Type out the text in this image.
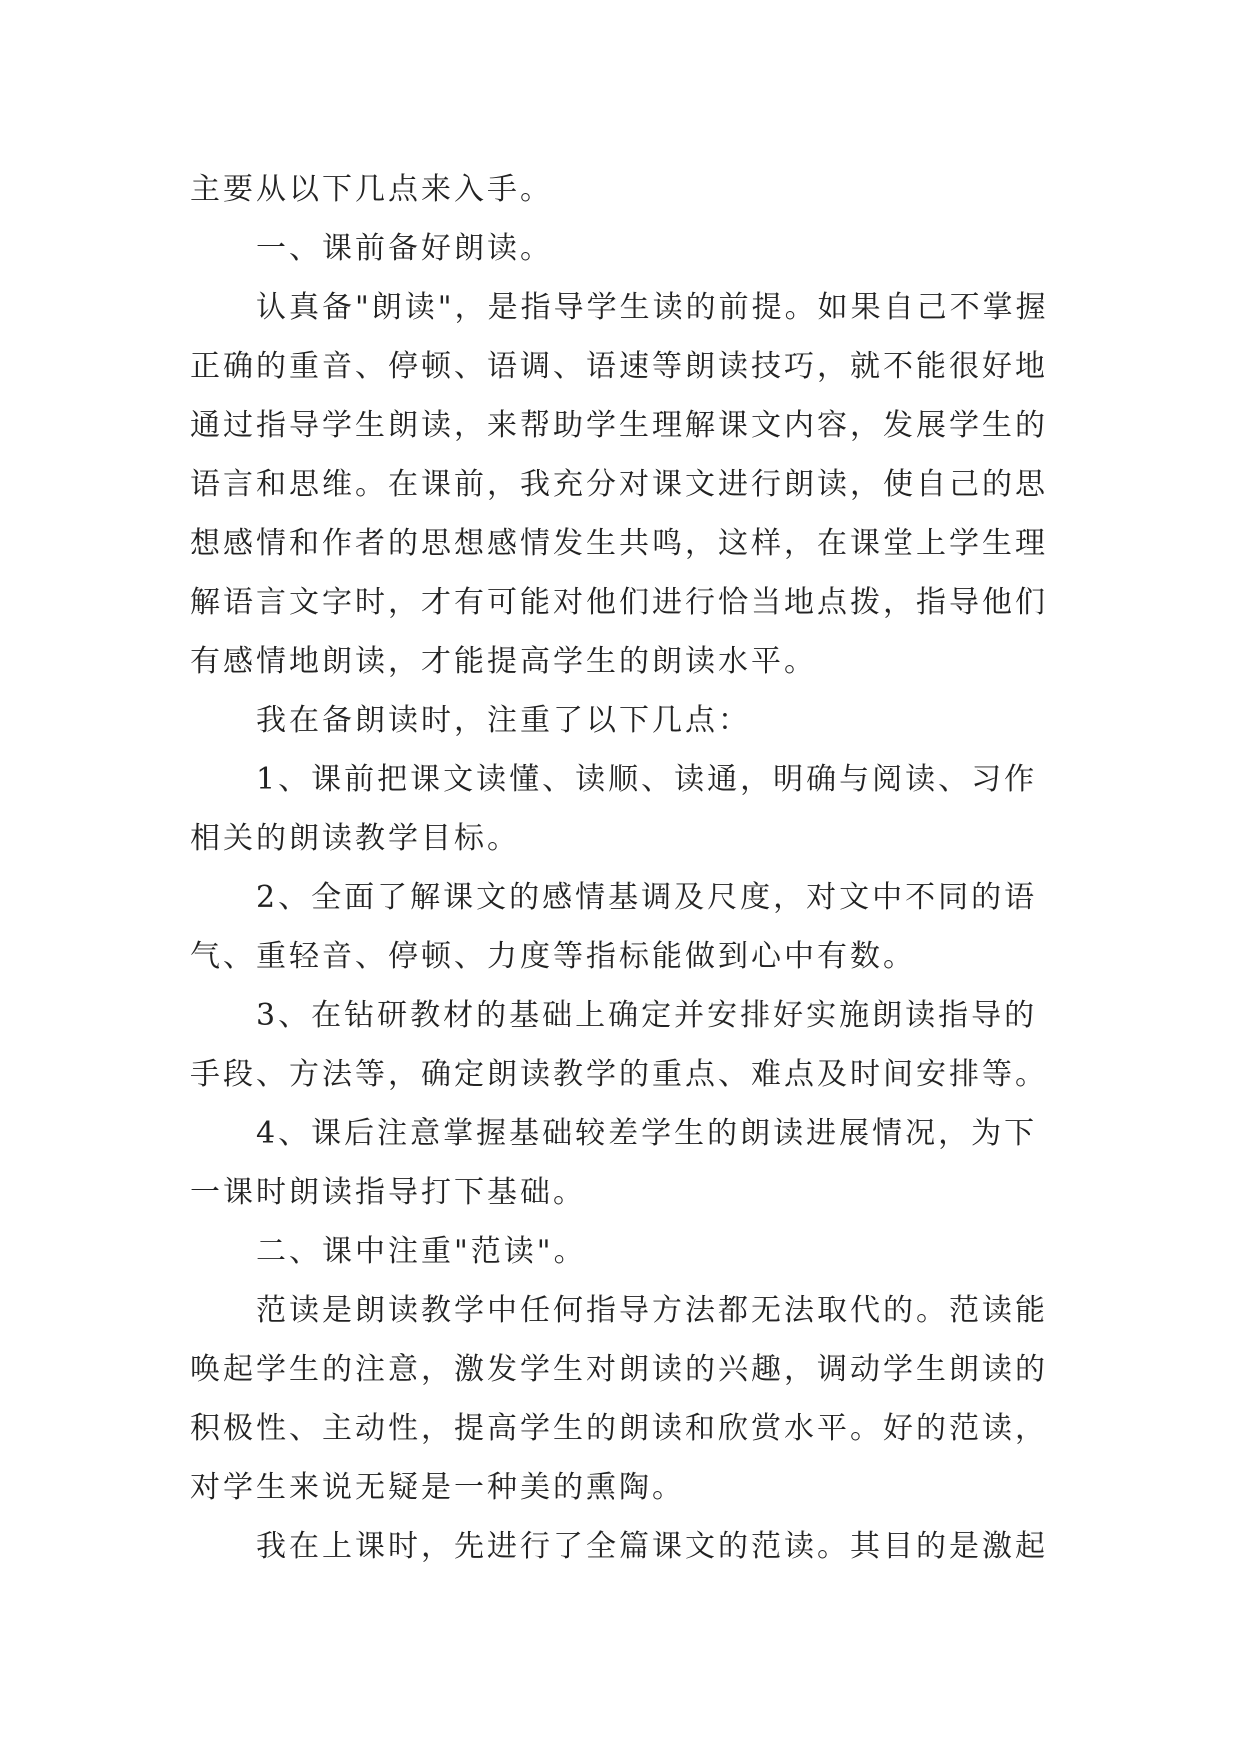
主要从以下几点来入手。
一、课前备好朗读。
认真备"朗读"，是指导学生读的前提。如果自己不掌握
正确的重音、停顿、语调、语速等朗读技巧，就不能很好地
通过指导学生朗读，来帮助学生理解课文内容，发展学生的
语言和思维。在课前，我充分对课文进行朗读，使自己的思
想感情和作者的思想感情发生共鸣，这样，在课堂上学生理
解语言文字时，才有可能对他们进行恰当地点拨，指导他们
有感情地朗读，才能提高学生的朗读水平。
我在备朗读时，注重了以下几点：
1、课前把课文读懂、读顺、读通，明确与阅读、习作
相关的朗读教学目标。
2、全面了解课文的感情基调及尺度，对文中不同的语
气、重轻音、停顿、力度等指标能做到心中有数。
3、在钻研教材的基础上确定并安排好实施朗读指导的
手段、方法等，确定朗读教学的重点、难点及时间安排等。
4、课后注意掌握基础较差学生的朗读进展情况，为下
一课时朗读指导打下基础。
二、课中注重"范读"。
范读是朗读教学中任何指导方法都无法取代的。范读能
唤起学生的注意，激发学生对朗读的兴趣，调动学生朗读的
积极性、主动性，提高学生的朗读和欣赏水平。好的范读，
对学生来说无疑是一种美的熏陶。
我在上课时，先进行了全篇课文的范读。其目的是激起
